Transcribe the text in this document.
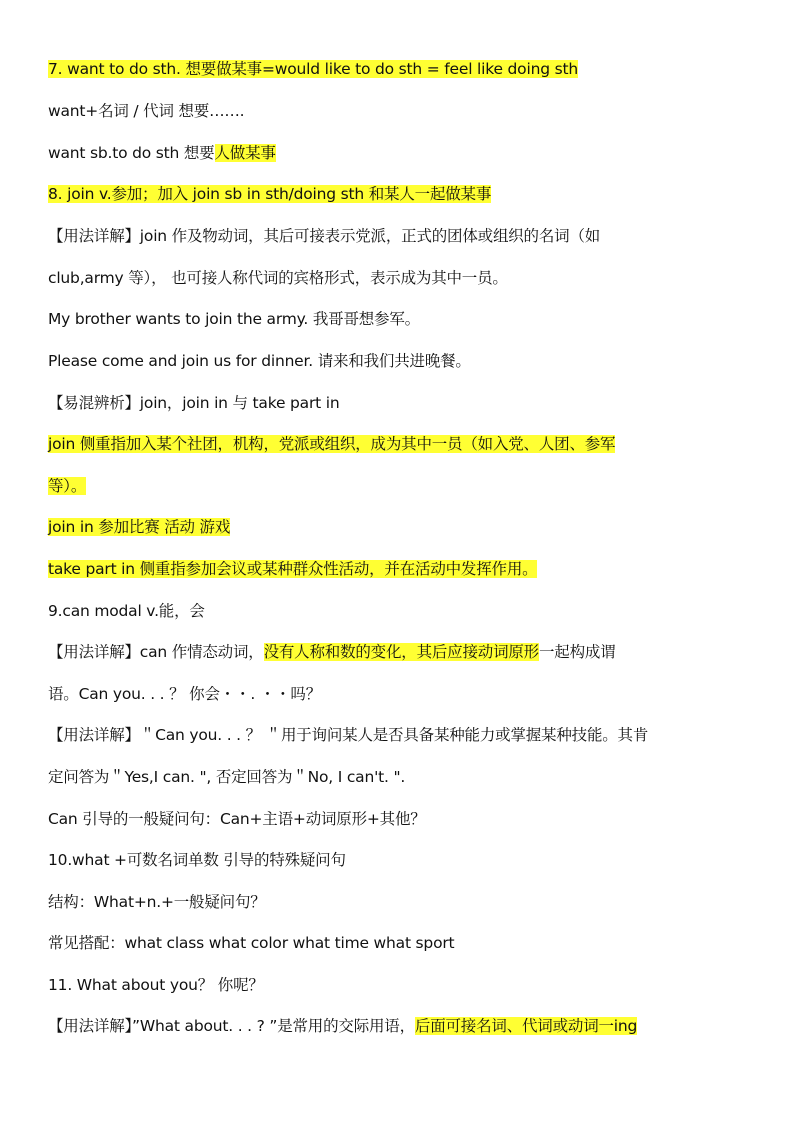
7. want to do sth. 想要做某事=would like to do sth = feel like doing sth
want+名词 / 代词 想要…….
want sb.to do sth 想要人做某事
8. join v.参加；加入 join sb in sth/doing sth 和某人一起做某事
【用法详解】join 作及物动词，其后可接表示党派，正式的团体或组织的名词（如
club,army 等）， 也可接人称代词的宾格形式，表示成为其中一员。
My brother wants to join the army. 我哥哥想参军。
Please come and join us for dinner. 请来和我们共进晚餐。
【易混辨析】join，join in 与 take part in
join 侧重指加入某个社团，机构，党派或组织，成为其中一员（如入党、人团、参军
等）。
join in 参加比赛 活动 游戏
take part in 侧重指参加会议或某种群众性活动，并在活动中发挥作用。
9.can modal v.能，会
【用法详解】can 作情态动词，没有人称和数的变化，其后应接动词原形一起构成谓
语。Can you. . . ？ 你会・・. ・・吗？
【用法详解】＂Can you. . . ？ ＂用于询问某人是否具备某种能力或掌握某种技能。其肯
定问答为＂Yes,I can. ", 否定回答为＂No, I can't. ".
Can 引导的一般疑问句：Can+主语+动词原形+其他？
10.what +可数名词单数 引导的特殊疑问句
结构：What+n.+一般疑问句？
常见搭配：what class what color what time what sport
11. What about you？ 你呢？
【用法详解】”What about. . . ? ”是常用的交际用语，后面可接名词、代词或动词一ing
